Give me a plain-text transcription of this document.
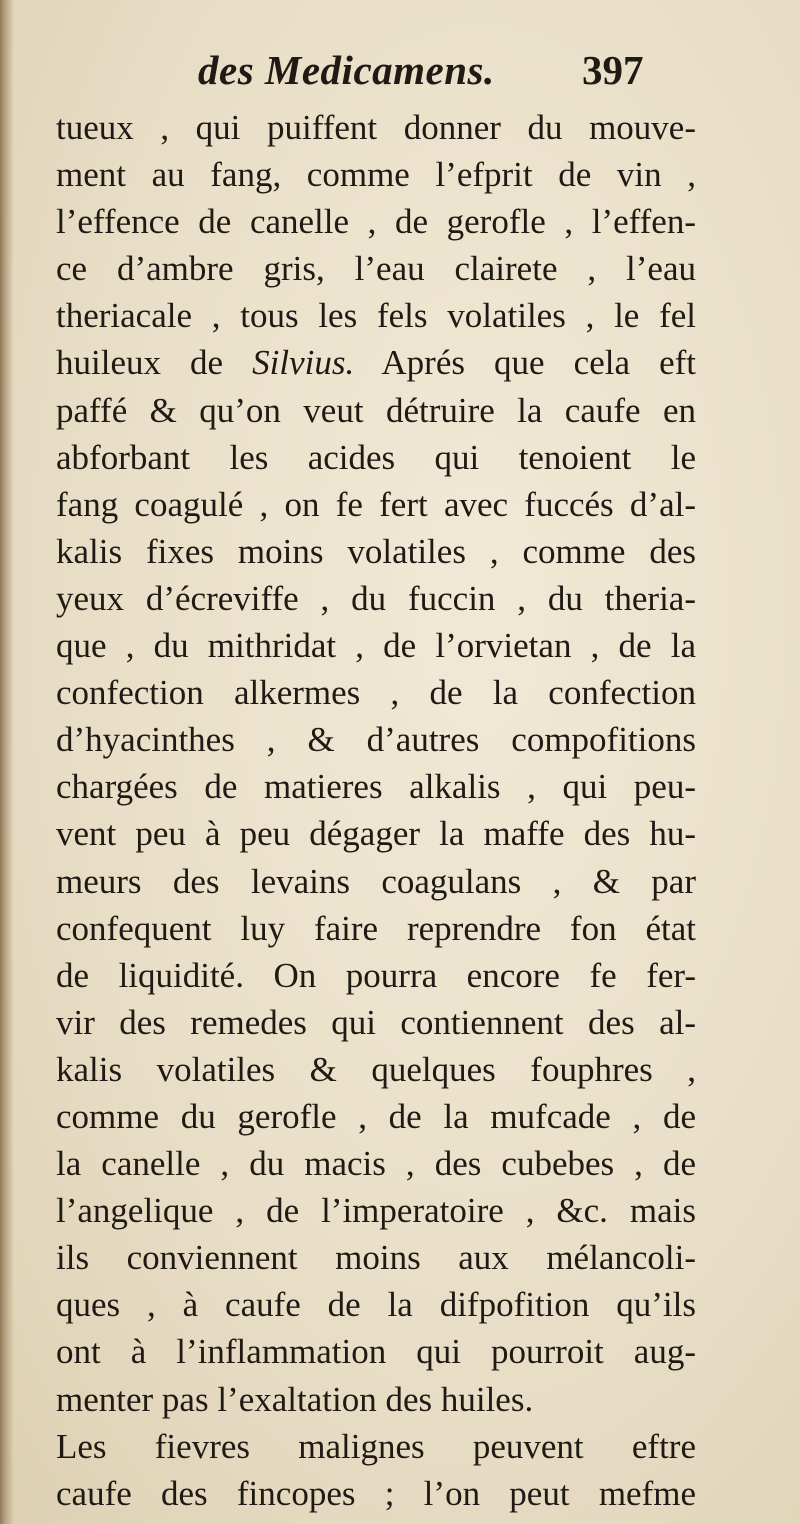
des Medicamens. 397
tueux , qui puiffent donner du mouve-
ment au fang, comme l’efprit de vin ,
l’effence de canelle , de gerofle , l’effen-
ce d’ambre gris, l’eau clairete , l’eau
theriacale , tous les fels volatiles , le fel
huileux de Silvius. Aprés que cela eft
paffé & qu’on veut détruire la caufe en
abforbant les acides qui tenoient le
fang coagulé , on fe fert avec fuccés d’al-
kalis fixes moins volatiles , comme des
yeux d’écreviffe , du fuccin , du theria-
que , du mithridat , de l’orvietan , de la
confection alkermes , de la confection
d’hyacinthes , & d’autres compofitions
chargées de matieres alkalis , qui peu-
vent peu à peu dégager la maffe des hu-
meurs des levains coagulans , & par
confequent luy faire reprendre fon état
de liquidité. On pourra encore fe fer-
vir des remedes qui contiennent des al-
kalis volatiles & quelques fouphres ,
comme du gerofle , de la mufcade , de
la canelle , du macis , des cubebes , de
l’angelique , de l’imperatoire , &c. mais
ils conviennent moins aux mélancoli-
ques , à caufe de la difpofition qu’ils
ont à l’inflammation qui pourroit aug-
menter pas l’exaltation des huiles.
Les fievres malignes peuvent eftre
caufe des fincopes ; l’on peut mefme
